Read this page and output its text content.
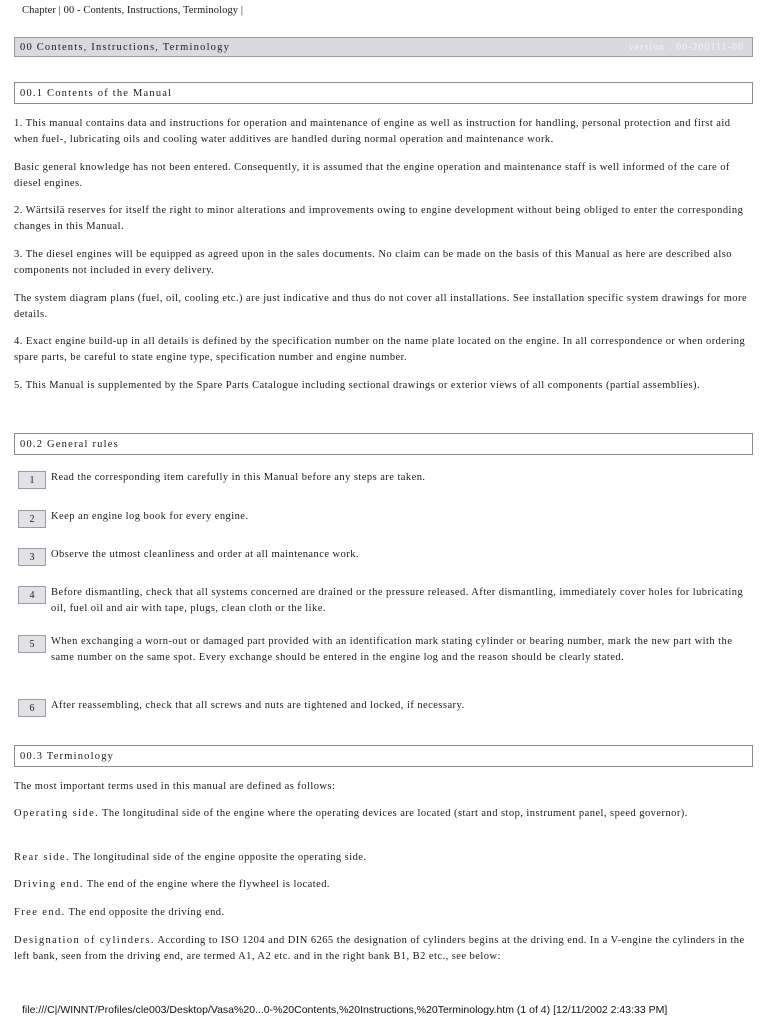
Chapter | 00 - Contents, Instructions, Terminology |
00 Contents, Instructions, Terminology	version : 00-200111-00
00.1 Contents of the Manual

1. This manual contains data and instructions for operation and maintenance of engine as well as instruction for handling, personal protection and first aid when fuel-, lubricating oils and cooling water additives are handled during normal operation and maintenance work.

Basic general knowledge has not been entered. Consequently, it is assumed that the engine operation and maintenance staff is well informed of the care of diesel engines.

2. Wärtsilä reserves for itself the right to minor alterations and improvements owing to engine development without being obliged to enter the corresponding changes in this Manual.

3. The diesel engines will be equipped as agreed upon in the sales documents. No claim can be made on the basis of this Manual as here are described also components not included in every delivery.

The system diagram plans (fuel, oil, cooling etc.) are just indicative and thus do not cover all installations. See installation specific system drawings for more details.

4. Exact engine build-up in all details is defined by the specification number on the name plate located on the engine. In all correspondence or when ordering spare parts, be careful to state engine type, specification number and engine number.

5. This Manual is supplemented by the Spare Parts Catalogue including sectional drawings or exterior views of all components (partial assemblies).

00.2 General rules
1	Read the corresponding item carefully in this Manual before any steps are taken.
2	Keep an engine log book for every engine.
3	Observe the utmost cleanliness and order at all maintenance work.
4	Before dismantling, check that all systems concerned are drained or the pressure released. After dismantling, immediately cover holes for lubricating oil, fuel oil and air with tape, plugs, clean cloth or the like.
5	When exchanging a worn-out or damaged part provided with an identification mark stating cylinder or bearing number, mark the new part with the same number on the same spot. Every exchange should be entered in the engine log and the reason should be clearly stated.
6	After reassembling, check that all screws and nuts are tightened and locked, if necessary.
00.3 Terminology

The most important terms used in this manual are defined as follows:

Operating side. The longitudinal side of the engine where the operating devices are located (start and stop, instrument panel, speed governor).

Rear side. The longitudinal side of the engine opposite the operating side.

Driving end. The end of the engine where the flywheel is located.

Free end. The end opposite the driving end.

Designation of cylinders. According to ISO 1204 and DIN 6265 the designation of cylinders begins at the driving end. In a V-engine the cylinders in the left bank, seen from the driving end, are termed A1, A2 etc. and in the right bank B1, B2 etc., see below:

file:///C|/WINNT/Profiles/cle003/Desktop/Vasa%20...0-%20Contents,%20Instructions,%20Terminology.htm (1 of 4) [12/11/2002 2:43:33 PM]
